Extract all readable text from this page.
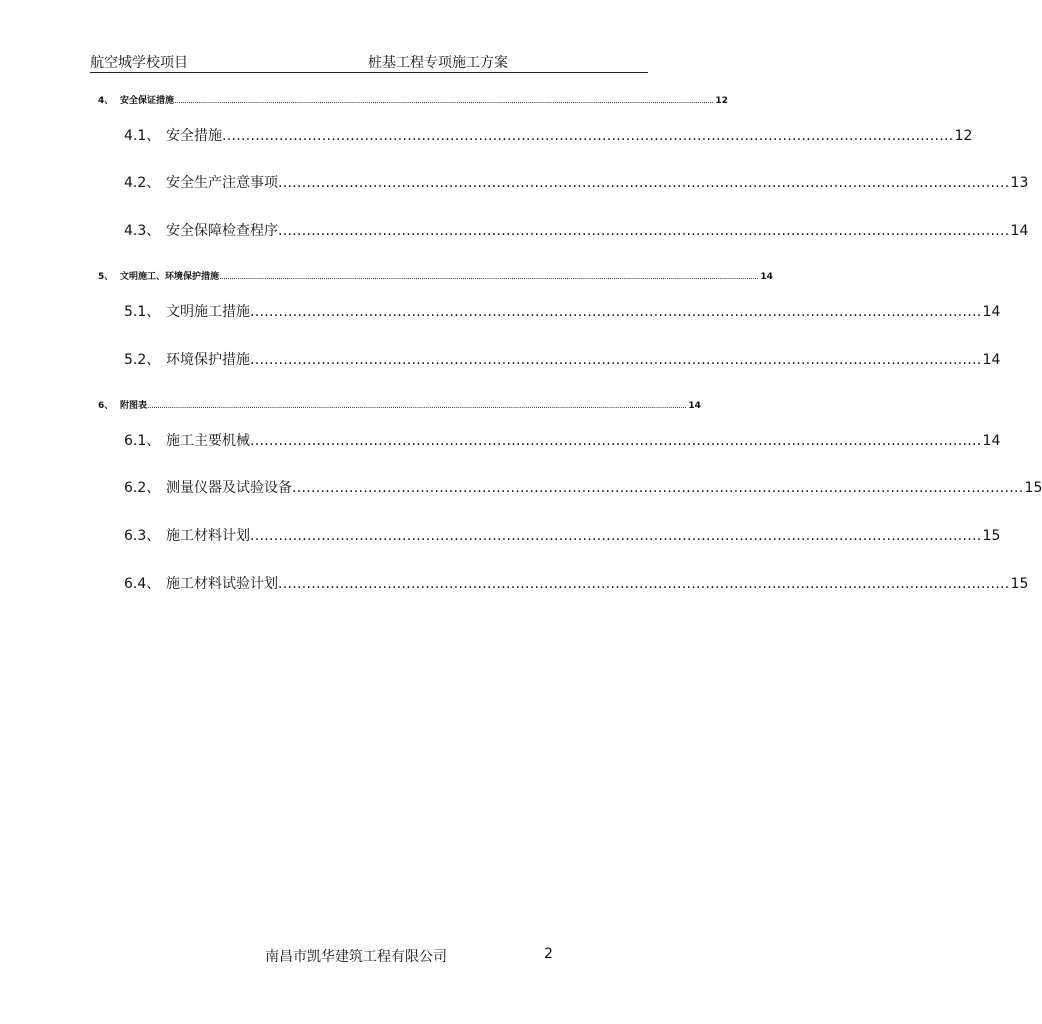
航空城学校项目	桩基工程专项施工方案
4、 安全保证措施 ........................................................................................................................................................................................................................................................................ 12
4.1、 安全措施 .......................................................................................................................................................... 12
4.2、 安全生产注意事项 .......................................................................................................................................................... 13
4.3、 安全保障检查程序 .......................................................................................................................................................... 14
5、 文明施工、环境保护措施 ........................................................................................................................................................................................................................................................................ 14
5.1、 文明施工措施 .......................................................................................................................................................... 14
5.2、 环境保护措施 .......................................................................................................................................................... 14
6、 附图表 ........................................................................................................................................................................................................................................................................ 14
6.1、 施工主要机械 .......................................................................................................................................................... 14
6.2、 测量仪器及试验设备 .......................................................................................................................................................... 15
6.3、 施工材料计划 .......................................................................................................................................................... 15
6.4、 施工材料试验计划 .......................................................................................................................................................... 15
南昌市凯华建筑工程有限公司	2
